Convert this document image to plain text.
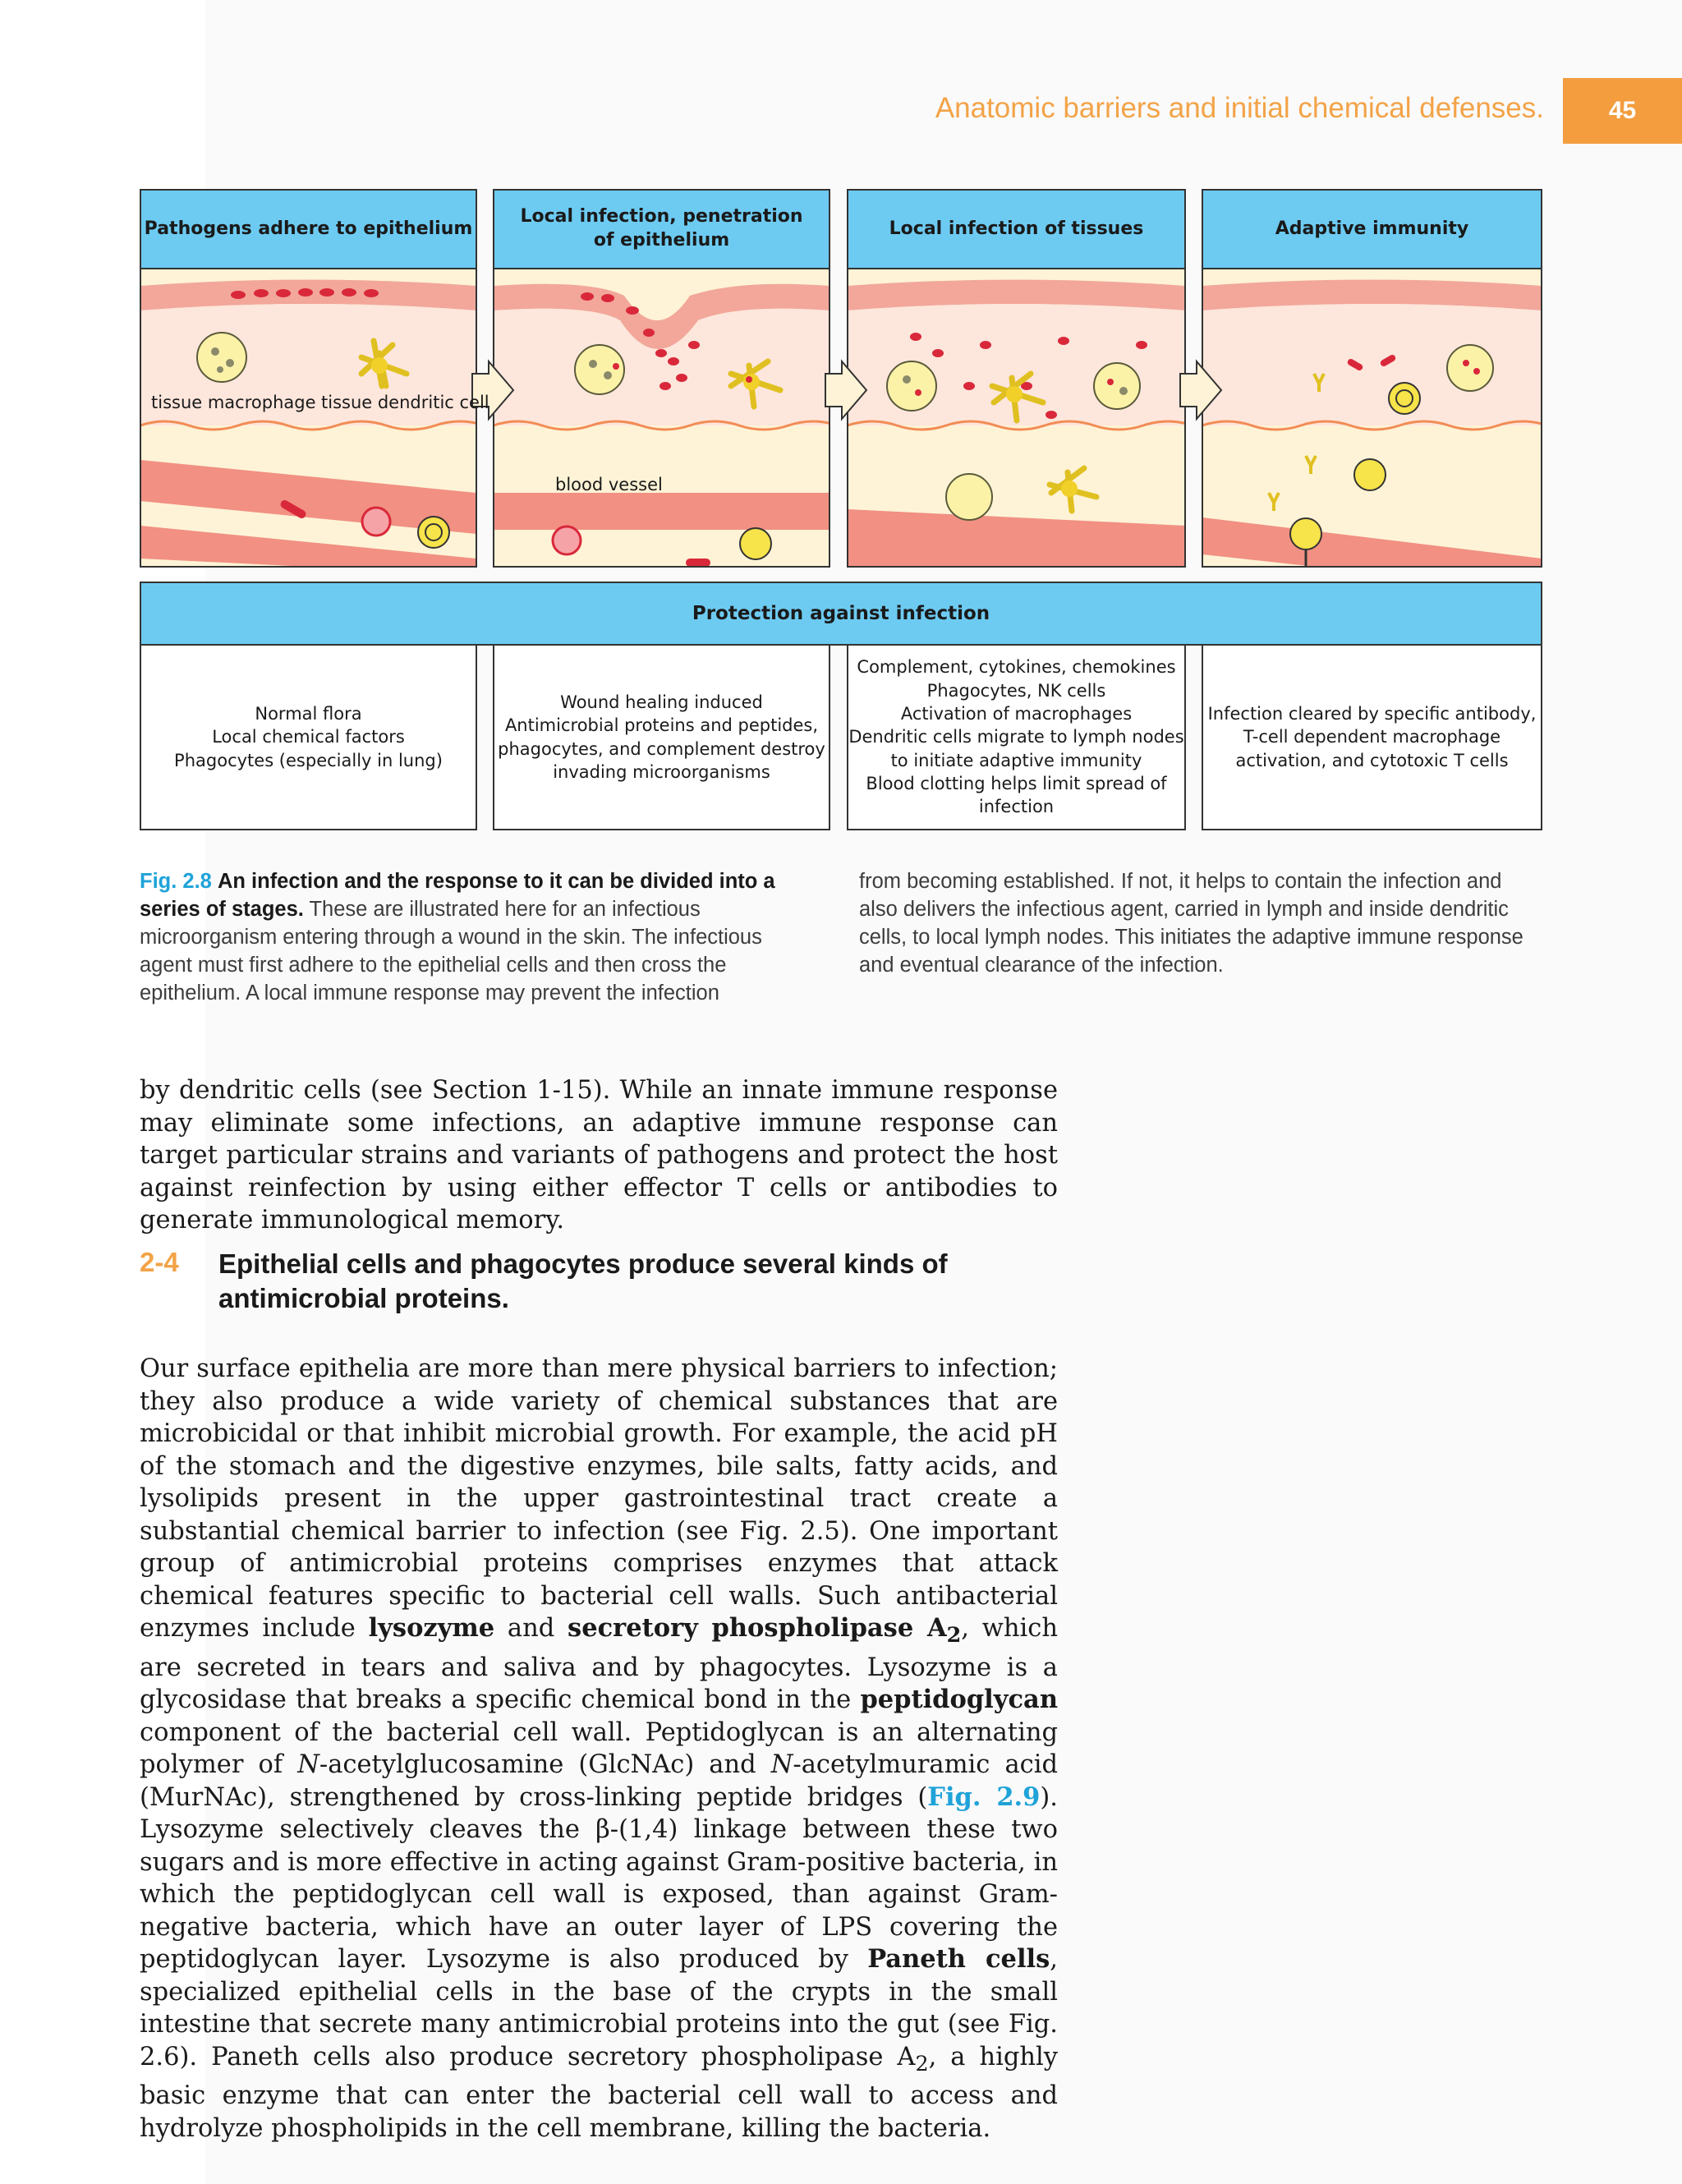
Anatomic barriers and initial chemical defenses.	45
Pathogens adhere to epithelium
Local infection, penetration of epithelium
Local infection of tissues	Adaptive immunity
tissue macrophage tissue dendritic cell
blood vessel
Protection against infection
Normal flora
Local chemical factors
Phagocytes (especially in lung)
Wound healing induced
Antimicrobial proteins and peptides,
phagocytes, and complement destroy
invading microorganisms
Complement, cytokines, chemokines
Phagocytes, NK cells
Activation of macrophages
Dendritic cells migrate to lymph nodes
to initiate adaptive immunity
Blood clotting helps limit spread of
infection
Infection cleared by specific antibody,
T-cell dependent macrophage
activation, and cytotoxic T cells
Fig. 2.8 An infection and the response to it can be divided into a series of stages. These are illustrated here for an infectious microorganism entering through a wound in the skin. The infectious agent must first adhere to the epithelial cells and then cross the epithelium. A local immune response may prevent the infection
from becoming established. If not, it helps to contain the infection and also delivers the infectious agent, carried in lymph and inside dendritic cells, to local lymph nodes. This initiates the adaptive immune response and eventual clearance of the infection.

by dendritic cells (see Section 1-15). While an innate immune response may eliminate some infections, an adaptive immune response can target particular strains and variants of pathogens and protect the host against reinfection by using either effector T cells or antibodies to generate immunological memory.

2-4 Epithelial cells and phagocytes produce several kinds of antimicrobial proteins.

Our surface epithelia are more than mere physical barriers to infection; they also produce a wide variety of chemical substances that are microbicidal or that inhibit microbial growth. For example, the acid pH of the stomach and the digestive enzymes, bile salts, fatty acids, and lysolipids present in the upper gastrointestinal tract create a substantial chemical barrier to infection (see Fig. 2.5). One important group of antimicrobial proteins comprises enzymes that attack chemical features specific to bacterial cell walls. Such antibacterial enzymes include lysozyme and secretory phospholipase $A_2$, which are secreted in tears and saliva and by phagocytes. Lysozyme is a glycosidase that breaks a specific chemical bond in the peptidoglycan component of the bacterial cell wall. Peptidoglycan is an alternating polymer of N-acetylglucosamine (GlcNAc) and N-acetylmuramic acid (MurNAc), strengthened by cross-linking peptide bridges (Fig. 2.9). Lysozyme selectively cleaves the β-(1,4) linkage between these two sugars and is more effective in acting against Gram-positive bacteria, in which the peptidoglycan cell wall is exposed, than against Gram-negative bacteria, which have an outer layer of LPS covering the peptidoglycan layer. Lysozyme is also produced by Paneth cells, specialized epithelial cells in the base of the crypts in the small intestine that secrete many antimicrobial proteins into the gut (see Fig. 2.6). Paneth cells also produce secretory phospholipase $A_2$, a highly basic enzyme that can enter the bacterial cell wall to access and hydrolyze phospholipids in the cell membrane, killing the bacteria.
